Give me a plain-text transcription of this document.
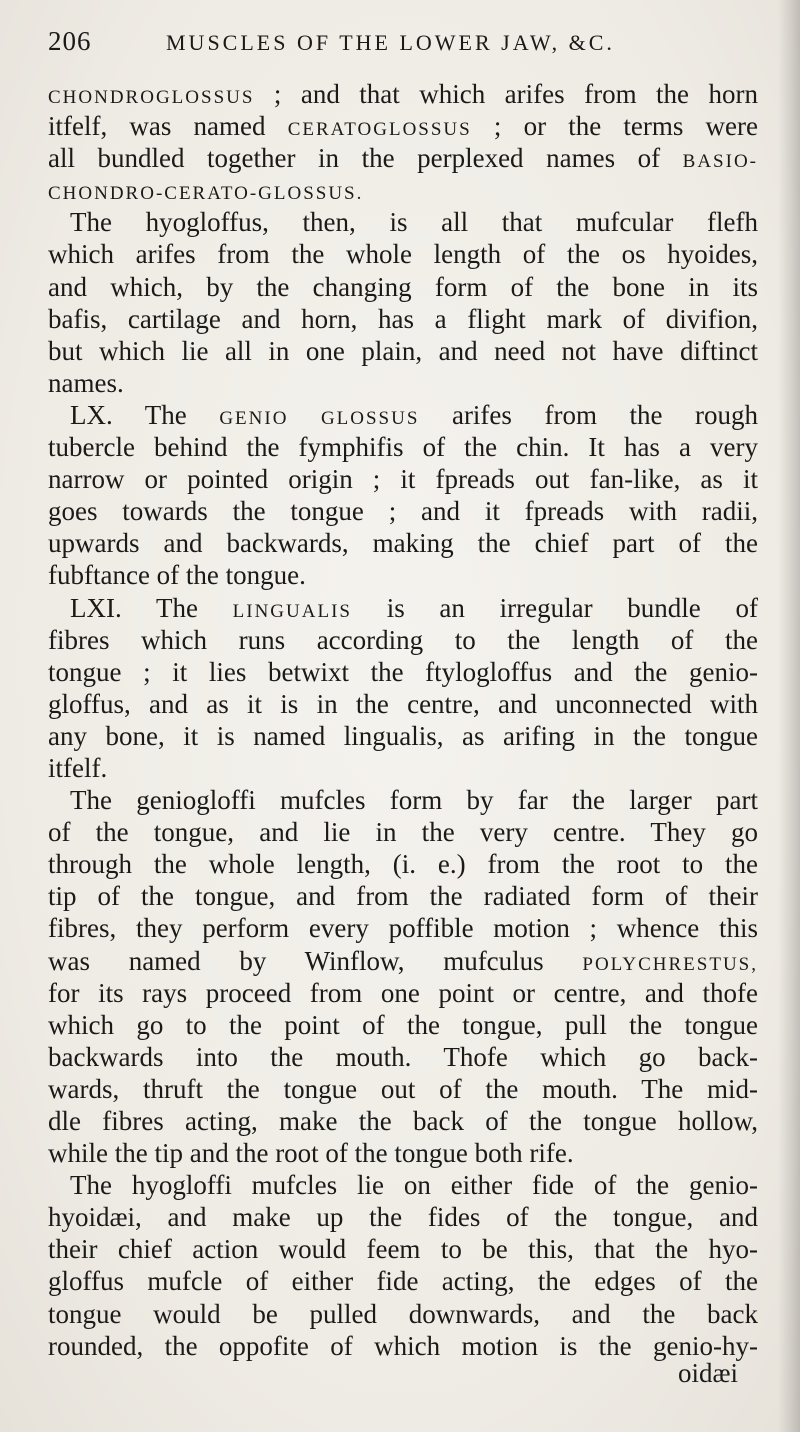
206	MUSCLES OF THE LOWER JAW, &C.
CHONDROGLOSSUS ; and that which arifes from the horn
itfelf, was named CERATOGLOSSUS ; or the terms were
all bundled together in the perplexed names of BASIO-
CHONDRO-CERATO-GLOSSUS.
The hyogloffus, then, is all that mufcular flefh
which arifes from the whole length of the os hyoides,
and which, by the changing form of the bone in its
bafis, cartilage and horn, has a flight mark of divifion,
but which lie all in one plain, and need not have diftinct
names.
LX. The GENIO GLOSSUS arifes from the rough
tubercle behind the fymphifis of the chin. It has a very
narrow or pointed origin ; it fpreads out fan-like, as it
goes towards the tongue ; and it fpreads with radii,
upwards and backwards, making the chief part of the
fubftance of the tongue.
LXI. The LINGUALIS is an irregular bundle of
fibres which runs according to the length of the
tongue ; it lies betwixt the ftylogloffus and the genio-
gloffus, and as it is in the centre, and unconnected with
any bone, it is named lingualis, as arifing in the tongue
itfelf.
The geniogloffi mufcles form by far the larger part
of the tongue, and lie in the very centre. They go
through the whole length, (i. e.) from the root to the
tip of the tongue, and from the radiated form of their
fibres, they perform every poffible motion ; whence this
was named by Winflow, mufculus POLYCHRESTUS,
for its rays proceed from one point or centre, and thofe
which go to the point of the tongue, pull the tongue
backwards into the mouth. Thofe which go back-
wards, thruft the tongue out of the mouth. The mid-
dle fibres acting, make the back of the tongue hollow,
while the tip and the root of the tongue both rife.
The hyogloffi mufcles lie on either fide of the genio-
hyoidæi, and make up the fides of the tongue, and
their chief action would feem to be this, that the hyo-
gloffus mufcle of either fide acting, the edges of the
tongue would be pulled downwards, and the back
rounded, the oppofite of which motion is the genio-hy-
oidæi
